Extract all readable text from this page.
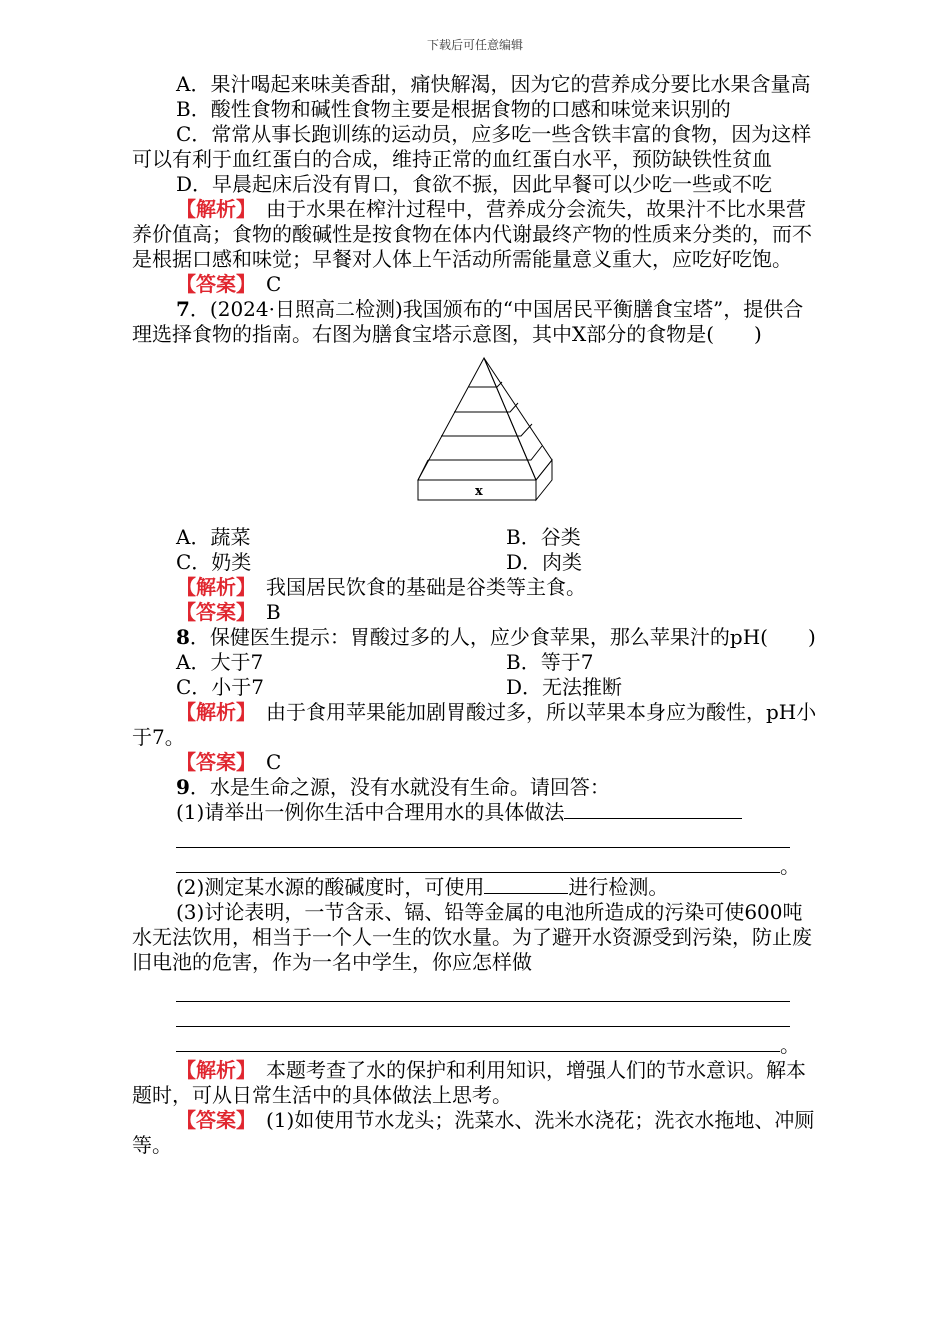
下载后可任意编辑

A．果汁喝起来味美香甜，痛快解渴，因为它的营养成分要比水果含量高

B．酸性食物和碱性食物主要是根据食物的口感和味觉来识别的

C．常常从事长跑训练的运动员，应多吃一些含铁丰富的食物，因为这样可以有利于血红蛋白的合成，维持正常的血红蛋白水平，预防缺铁性贫血

D．早晨起床后没有胃口，食欲不振，因此早餐可以少吃一些或不吃

【解析】　 由于水果在榨汁过程中，营养成分会流失，故果汁不比水果营养价值高；食物的酸碱性是按食物在体内代谢最终产物的性质来分类的，而不是根据口感和味觉；早餐对人体上午活动所需能量意义重大，应吃好吃饱。

【答案】　 C

7．(2024·日照高二检测)我国颁布的“中国居民平衡膳食宝塔”，提供合理选择食物的指南。右图为膳食宝塔示意图，其中X部分的食物是(　　)

x
A．蔬菜	B．谷类
C．奶类	D．肉类

【解析】　 我国居民饮食的基础是谷类等主食。

【答案】　 B

8．保健医生提示：胃酸过多的人，应少食苹果，那么苹果汁的pH(　　)

A．大于7	B．等于7
C．小于7	D．无法推断

【解析】　 由于食用苹果能加剧胃酸过多，所以苹果本身应为酸性，pH小于7。

【答案】　 C

9．水是生命之源，没有水就没有生命。请回答：

(1)请举出一例你生活中合理用水的具体做法

。

(2)测定某水源的酸碱度时，可使用	进行检测。

(3)讨论表明，一节含汞、镉、铅等金属的电池所造成的污染可使600吨水无法饮用，相当于一个人一生的饮水量。为了避开水资源受到污染，防止废旧电池的危害，作为一名中学生，你应怎样做

。

【解析】　 本题考查了水的保护和利用知识，增强人们的节水意识。解本题时，可从日常生活中的具体做法上思考。

【答案】　 (1)如使用节水龙头；洗菜水、洗米水浇花；洗衣水拖地、冲厕等。
